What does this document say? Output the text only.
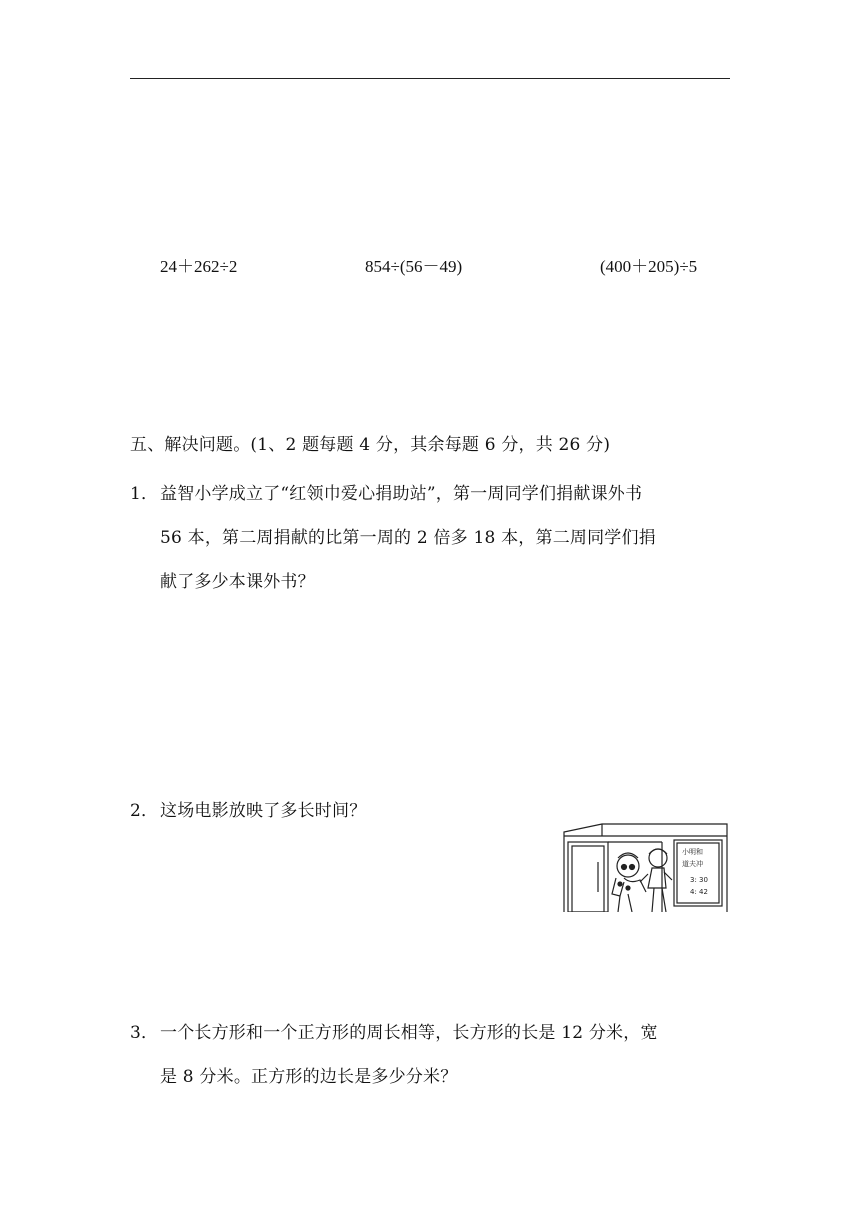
24＋262÷2	854÷(56－49)	(400＋205)÷5
五、解决问题。(1、2 题每题 4 分，其余每题 6 分，共 26 分)
1． 益智小学成立了“红领巾爱心捐助站”，第一周同学们捐献课外书
56 本，第二周捐献的比第一周的 2 倍多 18 本，第二周同学们捐
献了多少本课外书？
2． 这场电影放映了多长时间？
小明和
道夫冲
3: 30
4: 42
3． 一个长方形和一个正方形的周长相等，长方形的长是 12 分米，宽
是 8 分米。正方形的边长是多少分米？
